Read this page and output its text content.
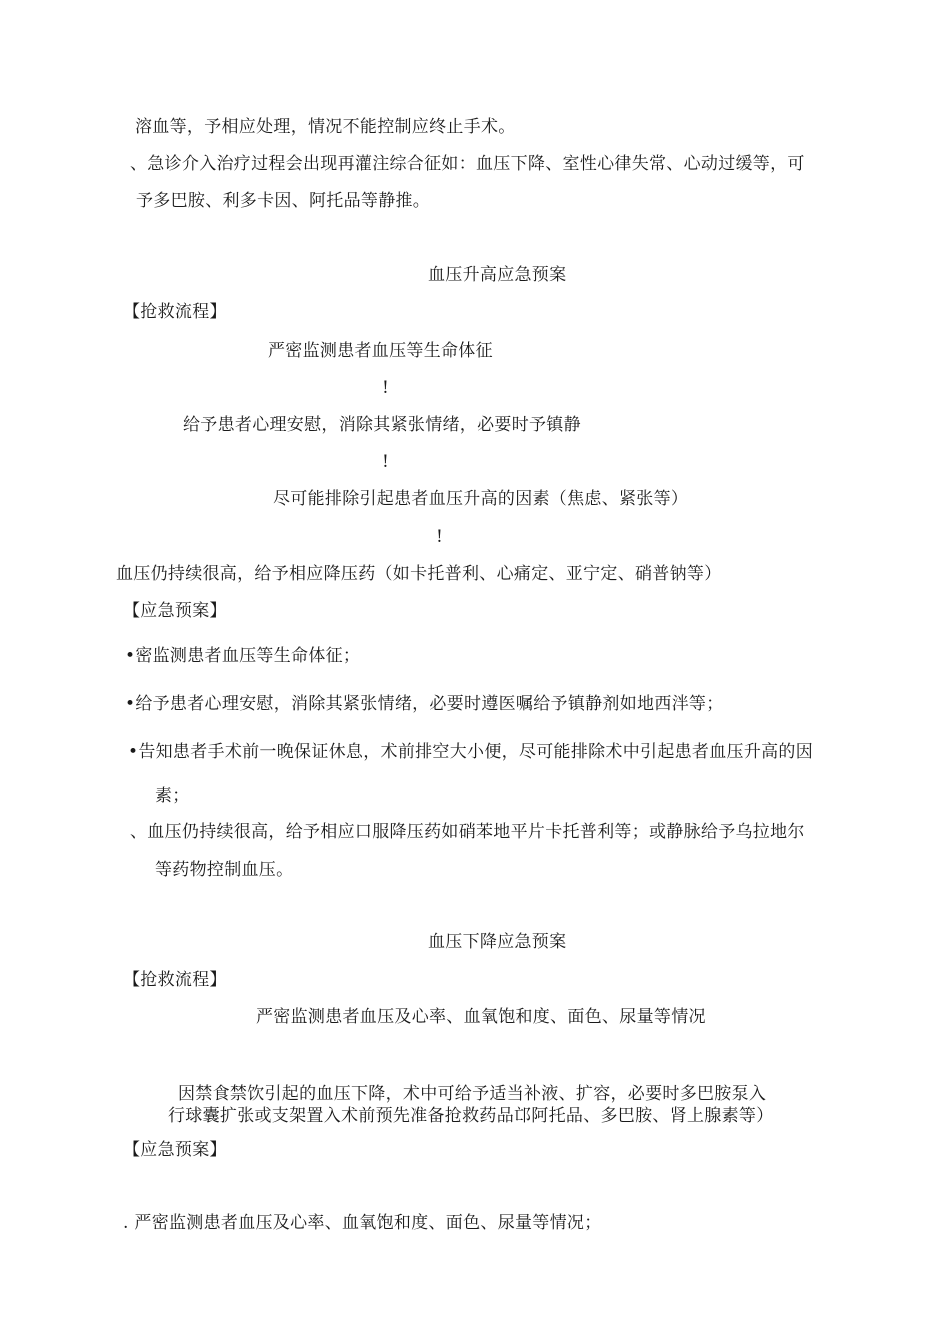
溶血等，予相应处理，情况不能控制应终止手术。
、急诊介入治疗过程会出现再灌注综合征如：血压下降、室性心律失常、心动过缓等，可
予多巴胺、利多卡因、阿托品等静推。
血压升高应急预案
【抢救流程】
严密监测患者血压等生命体征
!
给予患者心理安慰，消除其紧张情绪，必要时予镇静
!
尽可能排除引起患者血压升高的因素（焦虑、紧张等）
!
血压仍持续很高，给予相应降压药（如卡托普利、心痛定、亚宁定、硝普钠等）
【应急预案】
•密监测患者血压等生命体征；
•给予患者心理安慰，消除其紧张情绪，必要时遵医嘱给予镇静剂如地西泮等；
•告知患者手术前一晚保证休息，术前排空大小便，尽可能排除术中引起患者血压升高的因
素；
、血压仍持续很高，给予相应口服降压药如硝苯地平片卡托普利等；或静脉给予乌拉地尔
等药物控制血压。
血压下降应急预案
【抢救流程】
严密监测患者血压及心率、血氧饱和度、面色、尿量等情况
因禁食禁饮引起的血压下降，术中可给予适当补液、扩容，必要时多巴胺泵入
行球囊扩张或支架置入术前预先准备抢救药品邙阿托品、多巴胺、肾上腺素等）
【应急预案】
. 严密监测患者血压及心率、血氧饱和度、面色、尿量等情况；
